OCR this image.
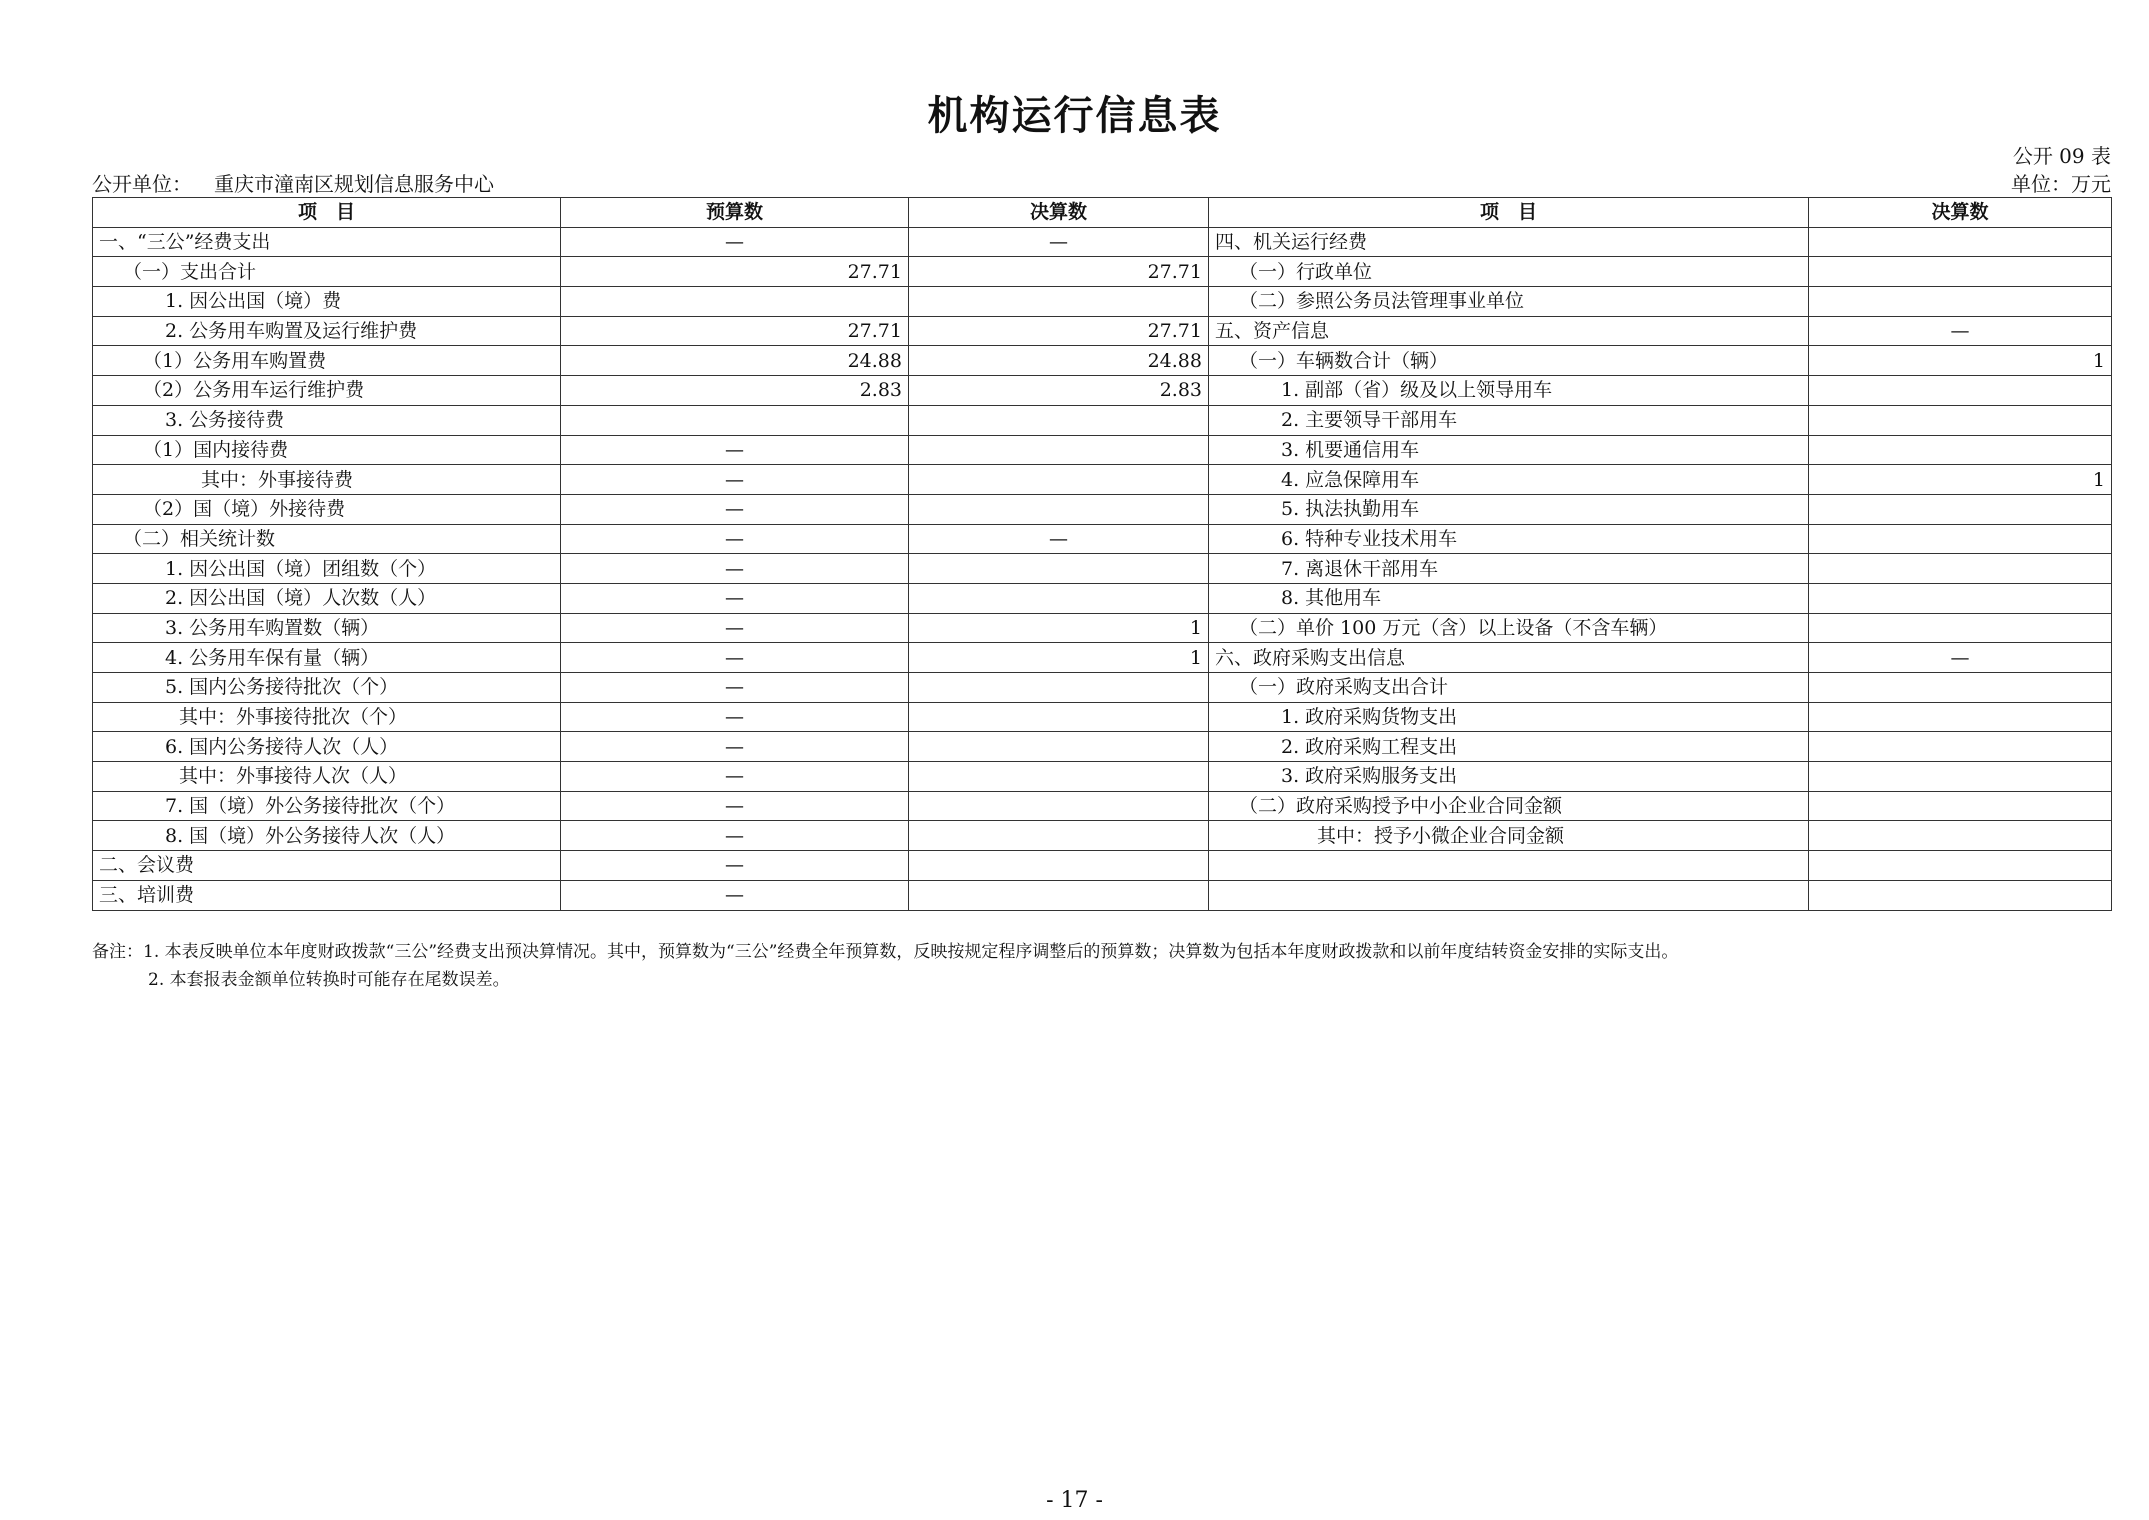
机构运行信息表
公开 09 表
公开单位： 重庆市潼南区规划信息服务中心	单位：万元
项　目	预算数	决算数	项　目	决算数
一、“三公”经费支出	—	—	四、机关运行经费	
（一）支出合计	27.71	27.71	（一）行政单位	
1. 因公出国（境）费			（二）参照公务员法管理事业单位	
2. 公务用车购置及运行维护费	27.71	27.71	五、资产信息	—
（1）公务用车购置费	24.88	24.88	（一）车辆数合计（辆）	1
（2）公务用车运行维护费	2.83	2.83	1. 副部（省）级及以上领导用车	
3. 公务接待费			2. 主要领导干部用车	
（1）国内接待费	—		3. 机要通信用车	
其中：外事接待费	—		4. 应急保障用车	1
（2）国（境）外接待费	—		5. 执法执勤用车	
（二）相关统计数	—	—	6. 特种专业技术用车	
1. 因公出国（境）团组数（个）	—		7. 离退休干部用车	
2. 因公出国（境）人次数（人）	—		8. 其他用车	
3. 公务用车购置数（辆）	—	1	（二）单价 100 万元（含）以上设备（不含车辆）	
4. 公务用车保有量（辆）	—	1	六、政府采购支出信息	—
5. 国内公务接待批次（个）	—		（一）政府采购支出合计	
其中：外事接待批次（个）	—		1. 政府采购货物支出	
6. 国内公务接待人次（人）	—		2. 政府采购工程支出	
其中：外事接待人次（人）	—		3. 政府采购服务支出	
7. 国（境）外公务接待批次（个）	—		（二）政府采购授予中小企业合同金额	
8. 国（境）外公务接待人次（人）	—		其中：授予小微企业合同金额	
二、会议费	—			
三、培训费	—			
备注：1. 本表反映单位本年度财政拨款“三公”经费支出预决算情况。其中，预算数为“三公”经费全年预算数，反映按规定程序调整后的预算数；决算数为包括本年度财政拨款和以前年度结转资金安排的实际支出。
2. 本套报表金额单位转换时可能存在尾数误差。
- 17 -
